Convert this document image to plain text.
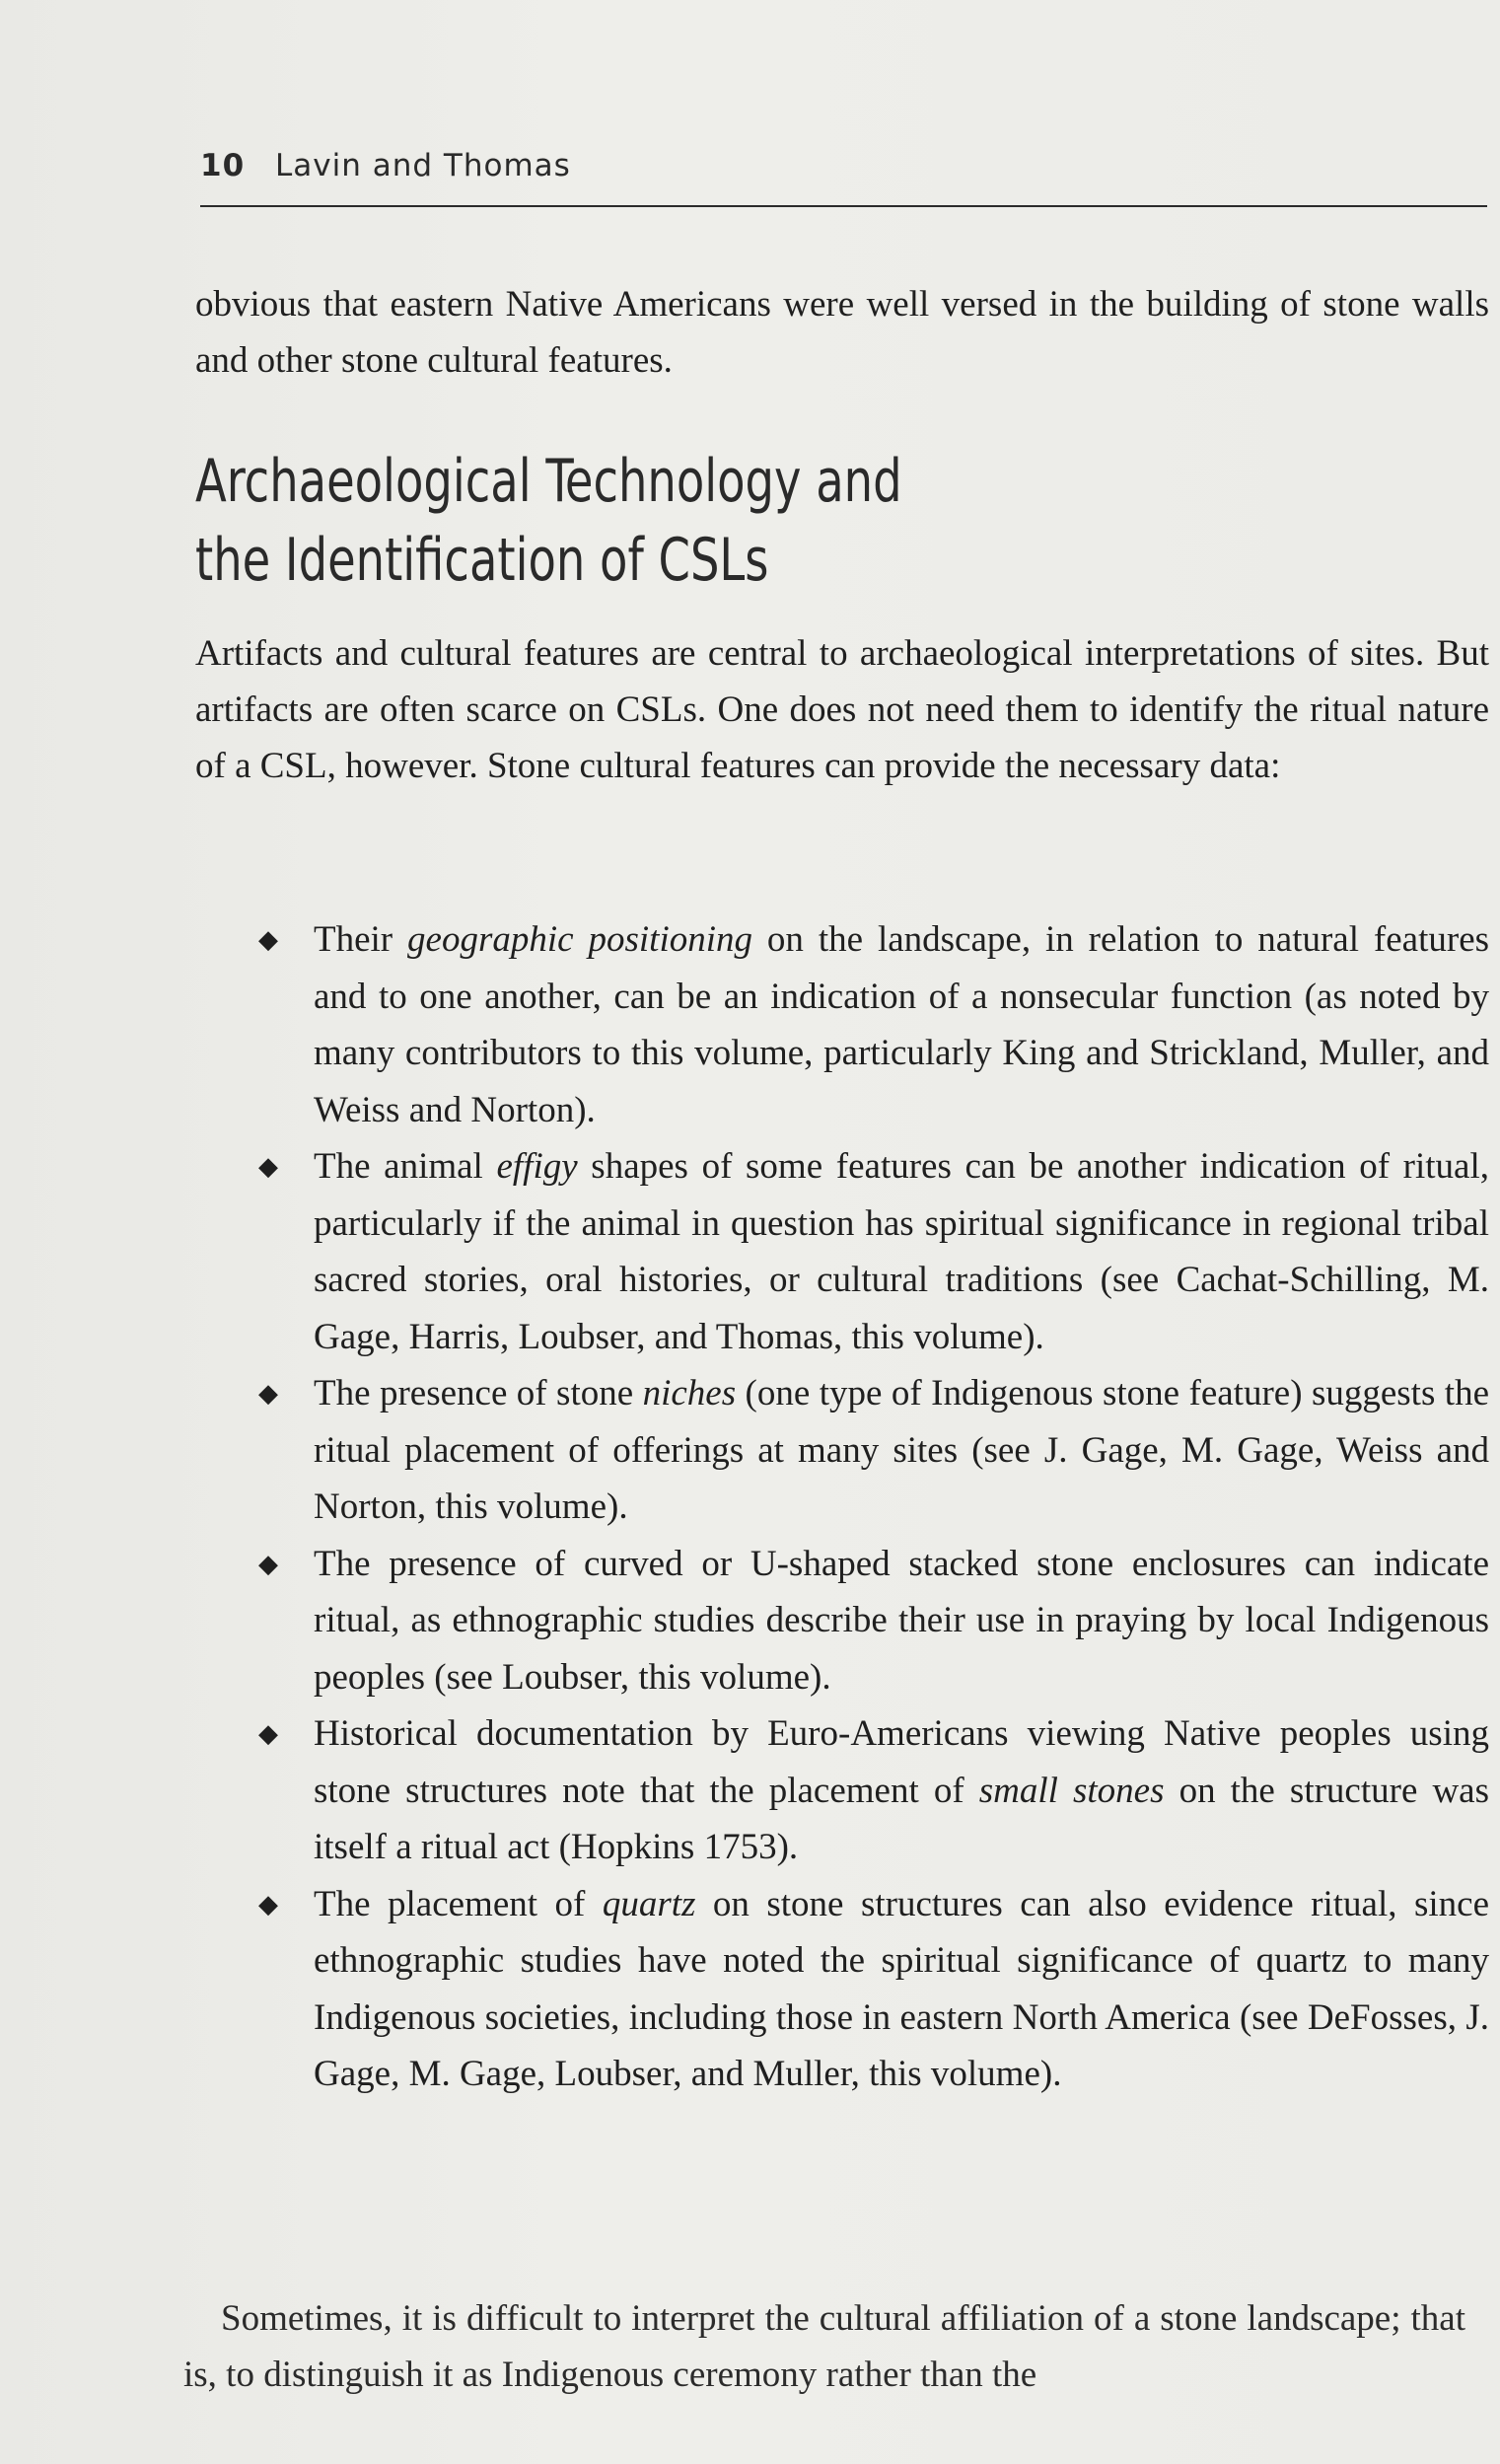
10 Lavin and Thomas

obvious that eastern Native Americans were well versed in the building of stone walls and other stone cultural features.

Archaeological Technology and
the Identification of CSLs

Artifacts and cultural features are central to archaeological interpretations of sites. But artifacts are often scarce on CSLs. One does not need them to identify the ritual nature of a CSL, however. Stone cultural features can provide the necessary data:

◆ Their geographic positioning on the landscape, in relation to natural features and to one another, can be an indication of a nonsecular function (as noted by many contributors to this volume, particularly King and Strickland, Muller, and Weiss and Norton).
◆ The animal effigy shapes of some features can be another indication of ritual, particularly if the animal in question has spiritual significance in regional tribal sacred stories, oral histories, or cultural traditions (see Cachat-Schilling, M. Gage, Harris, Loubser, and Thomas, this volume).
◆ The presence of stone niches (one type of Indigenous stone feature) suggests the ritual placement of offerings at many sites (see J. Gage, M. Gage, Weiss and Norton, this volume).
◆ The presence of curved or U-shaped stacked stone enclosures can indicate ritual, as ethnographic studies describe their use in praying by local Indigenous peoples (see Loubser, this volume).
◆ Historical documentation by Euro-Americans viewing Native peoples using stone structures note that the placement of small stones on the structure was itself a ritual act (Hopkins 1753).
◆ The placement of quartz on stone structures can also evidence ritual, since ethnographic studies have noted the spiritual significance of quartz to many Indigenous societies, including those in eastern North America (see DeFosses, J. Gage, M. Gage, Loubser, and Muller, this volume).

Sometimes, it is difficult to interpret the cultural affiliation of a stone landscape; that is, to distinguish it as Indigenous ceremony rather than the
